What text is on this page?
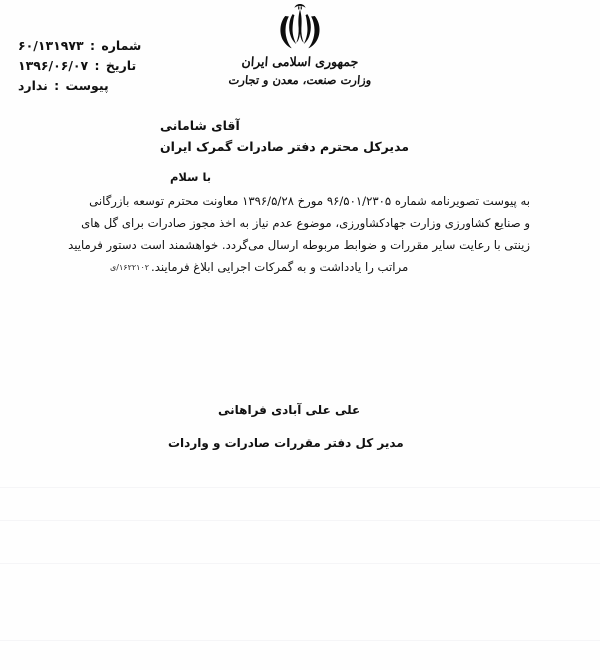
جمهوری اسلامی ایران
وزارت صنعت، معدن و تجارت
شماره : ۶۰/۱۳۱۹۷۳
تاریخ : ۱۳۹۶/۰۶/۰۷
پیوست : ندارد
آقای شامانی
مدیرکل محترم دفتر صادرات گمرک ایران
با سلام
به پیوست تصویرنامه شماره ۹۶/۵۰۱/۲۳۰۵ مورخ ۱۳۹۶/۵/۲۸ معاونت محترم توسعه بازرگانی
و صنایع کشاورزی وزارت جهادکشاورزی، موضوع عدم نیاز به اخذ مجوز صادرات برای گل های
زینتی با رعایت سایر مقررات و ضوابط مربوطه ارسال می‌گردد. خواهشمند است دستور فرمایید
مراتب را یادداشت و به گمرکات اجرایی ابلاغ فرمایند.۱۶۲۲۱۰۲/ی
علی علی آبادی فراهانی
مدیر کل دفتر مقررات صادرات و واردات
